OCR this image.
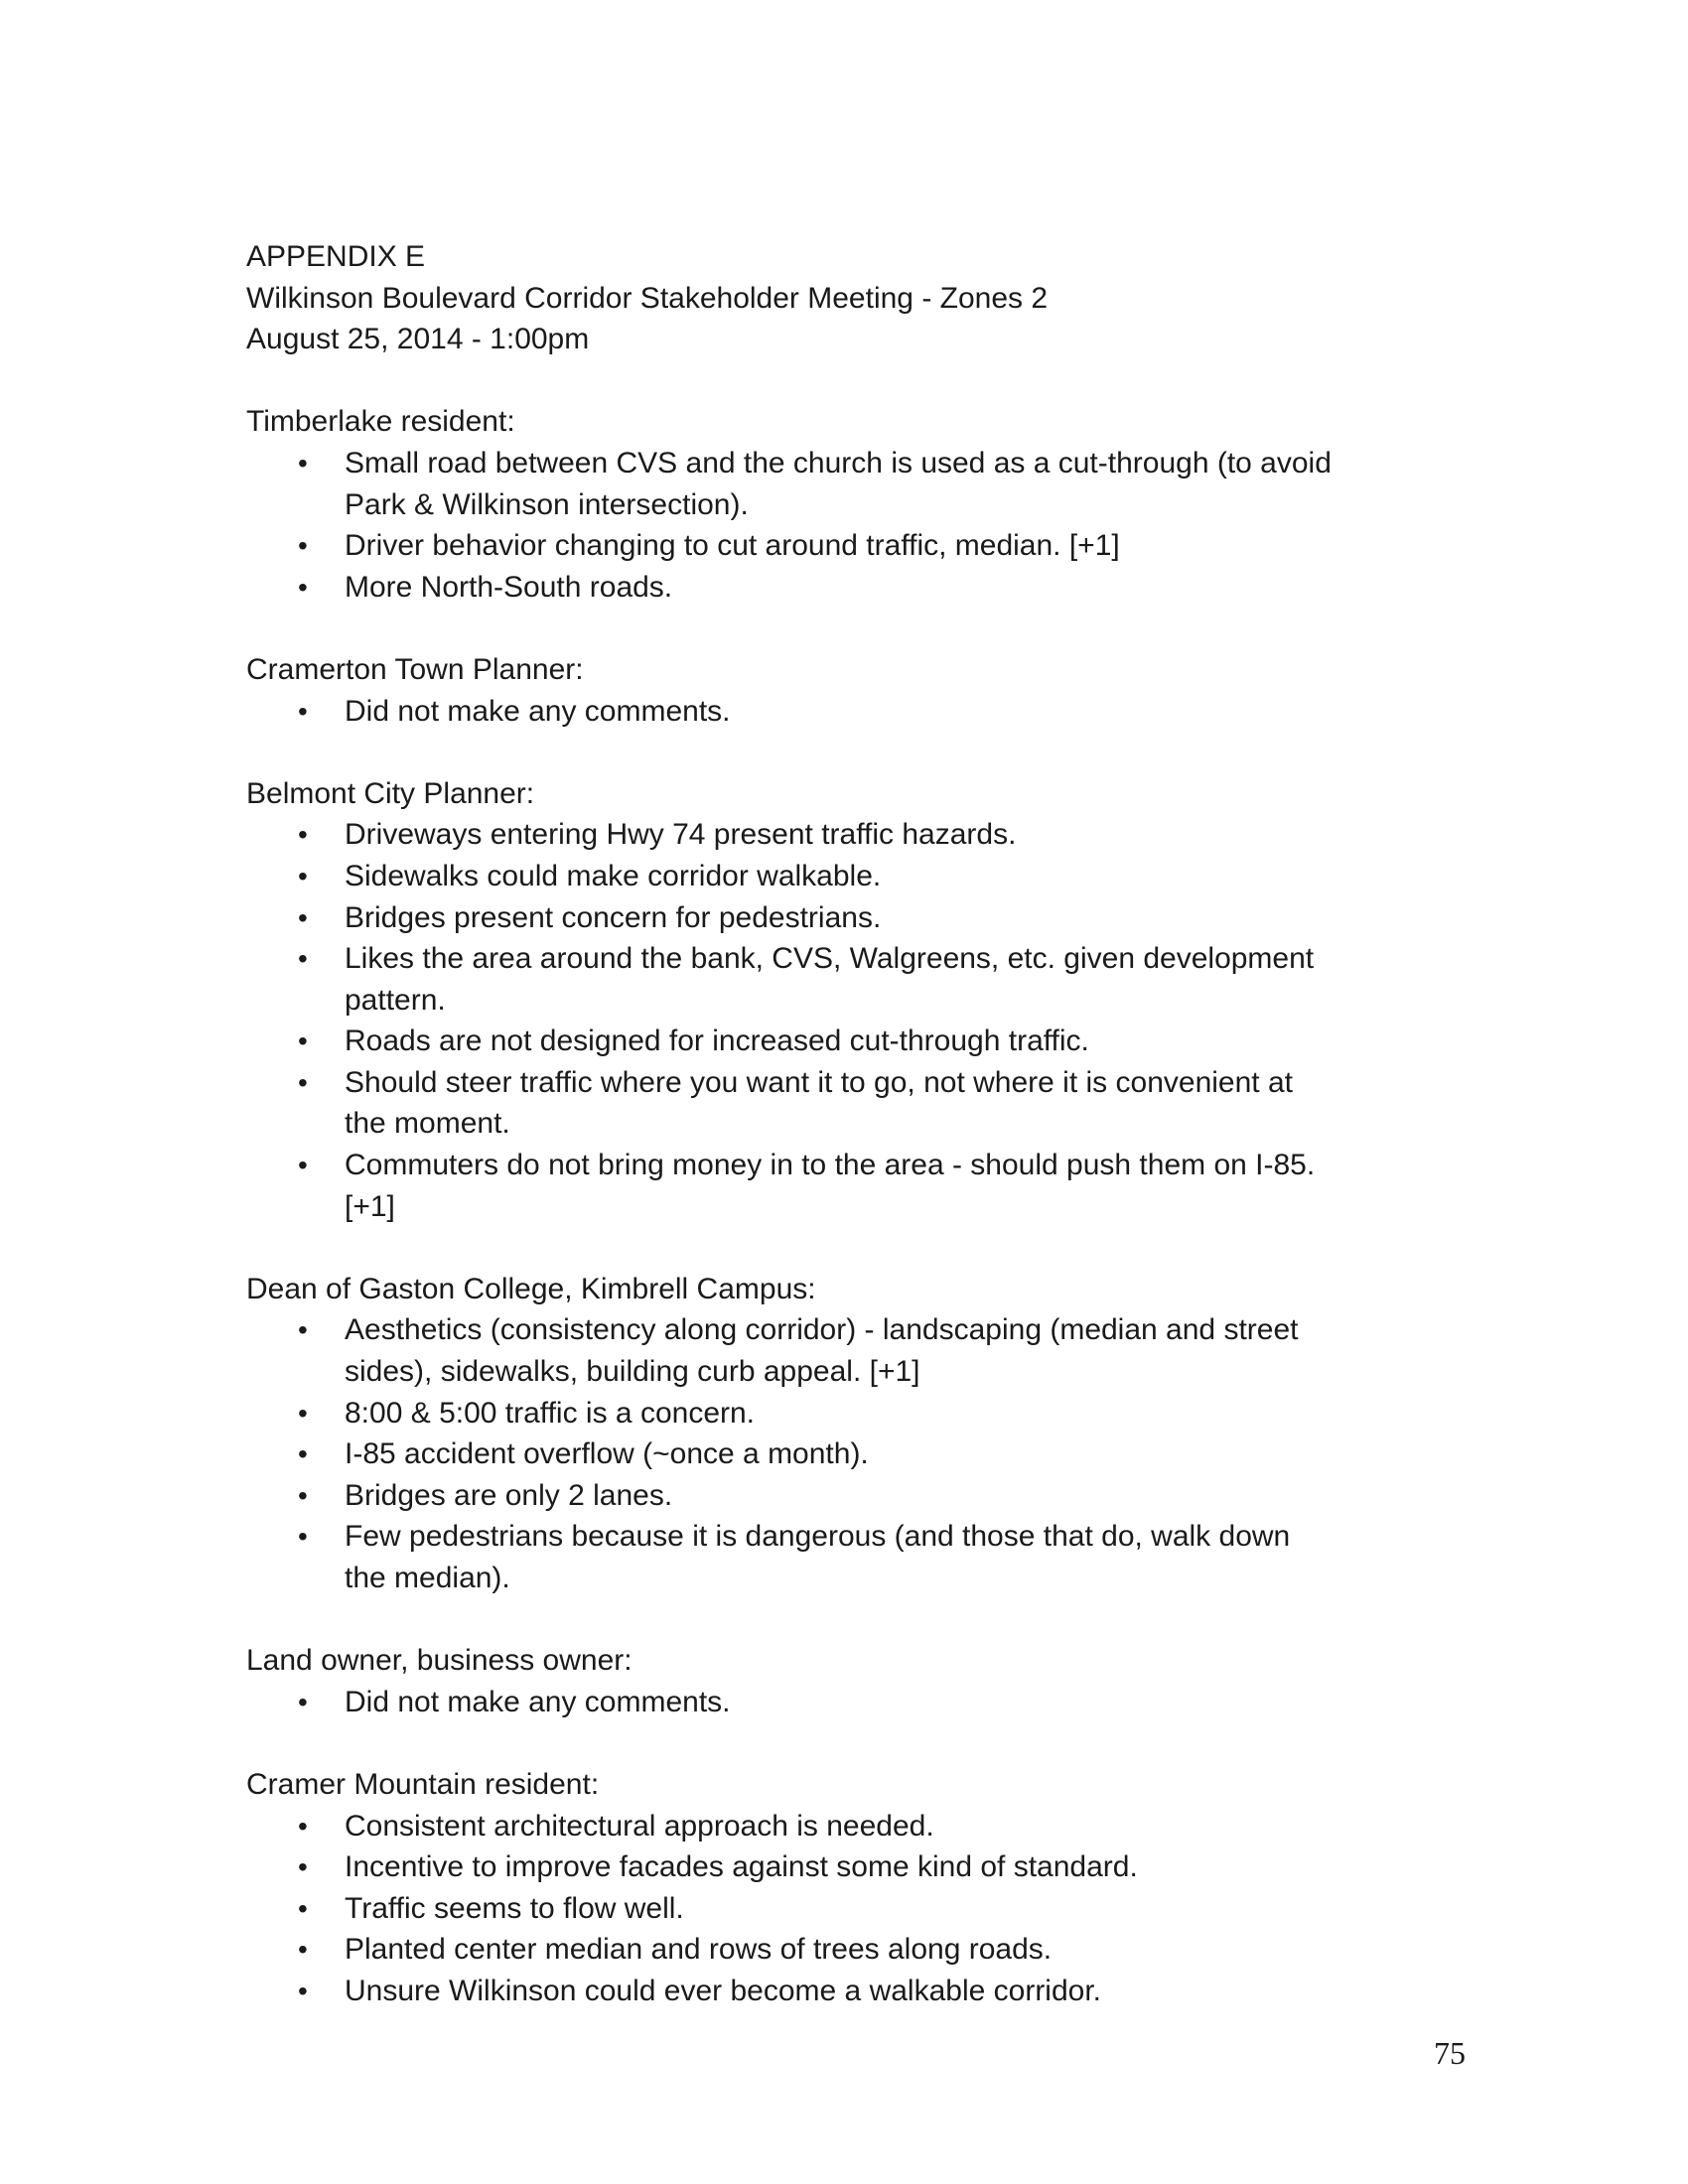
APPENDIX E

Wilkinson Boulevard Corridor Stakeholder Meeting - Zones 2

August 25, 2014 - 1:00pm

Timberlake resident:

• Small road between CVS and the church is used as a cut-through (to avoid Park & Wilkinson intersection).
• Driver behavior changing to cut around traffic, median. [+1]
• More North-South roads.

Cramerton Town Planner:

• Did not make any comments.

Belmont City Planner:

• Driveways entering Hwy 74 present traffic hazards.
• Sidewalks could make corridor walkable.
• Bridges present concern for pedestrians.
• Likes the area around the bank, CVS, Walgreens, etc. given development pattern.
• Roads are not designed for increased cut-through traffic.
• Should steer traffic where you want it to go, not where it is convenient at the moment.
• Commuters do not bring money in to the area - should push them on I-85. [+1]

Dean of Gaston College, Kimbrell Campus:

• Aesthetics (consistency along corridor) - landscaping (median and street sides), sidewalks, building curb appeal. [+1]
• 8:00 & 5:00 traffic is a concern.
• I-85 accident overflow (~once a month).
• Bridges are only 2 lanes.
• Few pedestrians because it is dangerous (and those that do, walk down the median).

Land owner, business owner:

• Did not make any comments.

Cramer Mountain resident:

• Consistent architectural approach is needed.
• Incentive to improve facades against some kind of standard.
• Traffic seems to flow well.
• Planted center median and rows of trees along roads.
• Unsure Wilkinson could ever become a walkable corridor.
75
